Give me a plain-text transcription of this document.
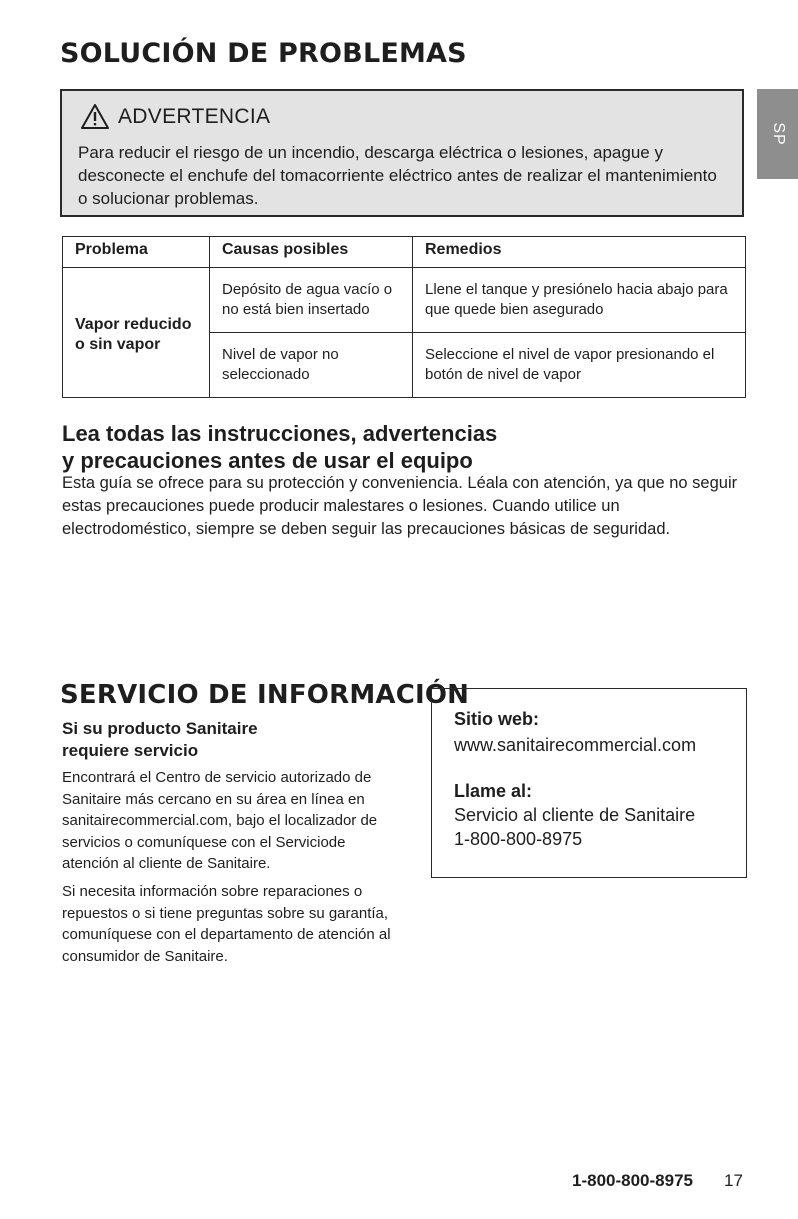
SOLUCIÓN DE PROBLEMAS
SP
ADVERTENCIA

Para reducir el riesgo de un incendio, descarga eléctrica o lesiones, apague y desconecte el enchufe del tomacorriente eléctrico antes de realizar el mantenimiento o solucionar problemas.

Problema	Causas posibles	Remedios
Vapor reducido o sin vapor	Depósito de agua vacío o no está bien insertado	Llene el tanque y presiónelo hacia abajo para que quede bien asegurado
	Nivel de vapor no seleccionado	Seleccione el nivel de vapor presionando el botón de nivel de vapor
Lea todas las instrucciones, advertencias
y precauciones antes de usar el equipo

Esta guía se ofrece para su protección y conveniencia. Léala con atención, ya que no seguir estas precauciones puede producir malestares o lesiones. Cuando utilice un electrodoméstico, siempre se deben seguir las precauciones básicas de seguridad.

SERVICIO DE INFORMACIÓN
Si su producto Sanitaire
requiere servicio

Encontrará el Centro de servicio autorizado de Sanitaire más cercano en su área en línea en sanitairecommercial.com, bajo el localizador de servicios o comuníquese con el Serviciode atención al cliente de Sanitaire.

Si necesita información sobre reparaciones o repuestos o si tiene preguntas sobre su garantía, comuníquese con el departamento de atención al consumidor de Sanitaire.

Sitio web:

www.sanitairecommercial.com

Llame al:

Servicio al cliente de Sanitaire

1-800-800-8975

1-800-800-8975 17
